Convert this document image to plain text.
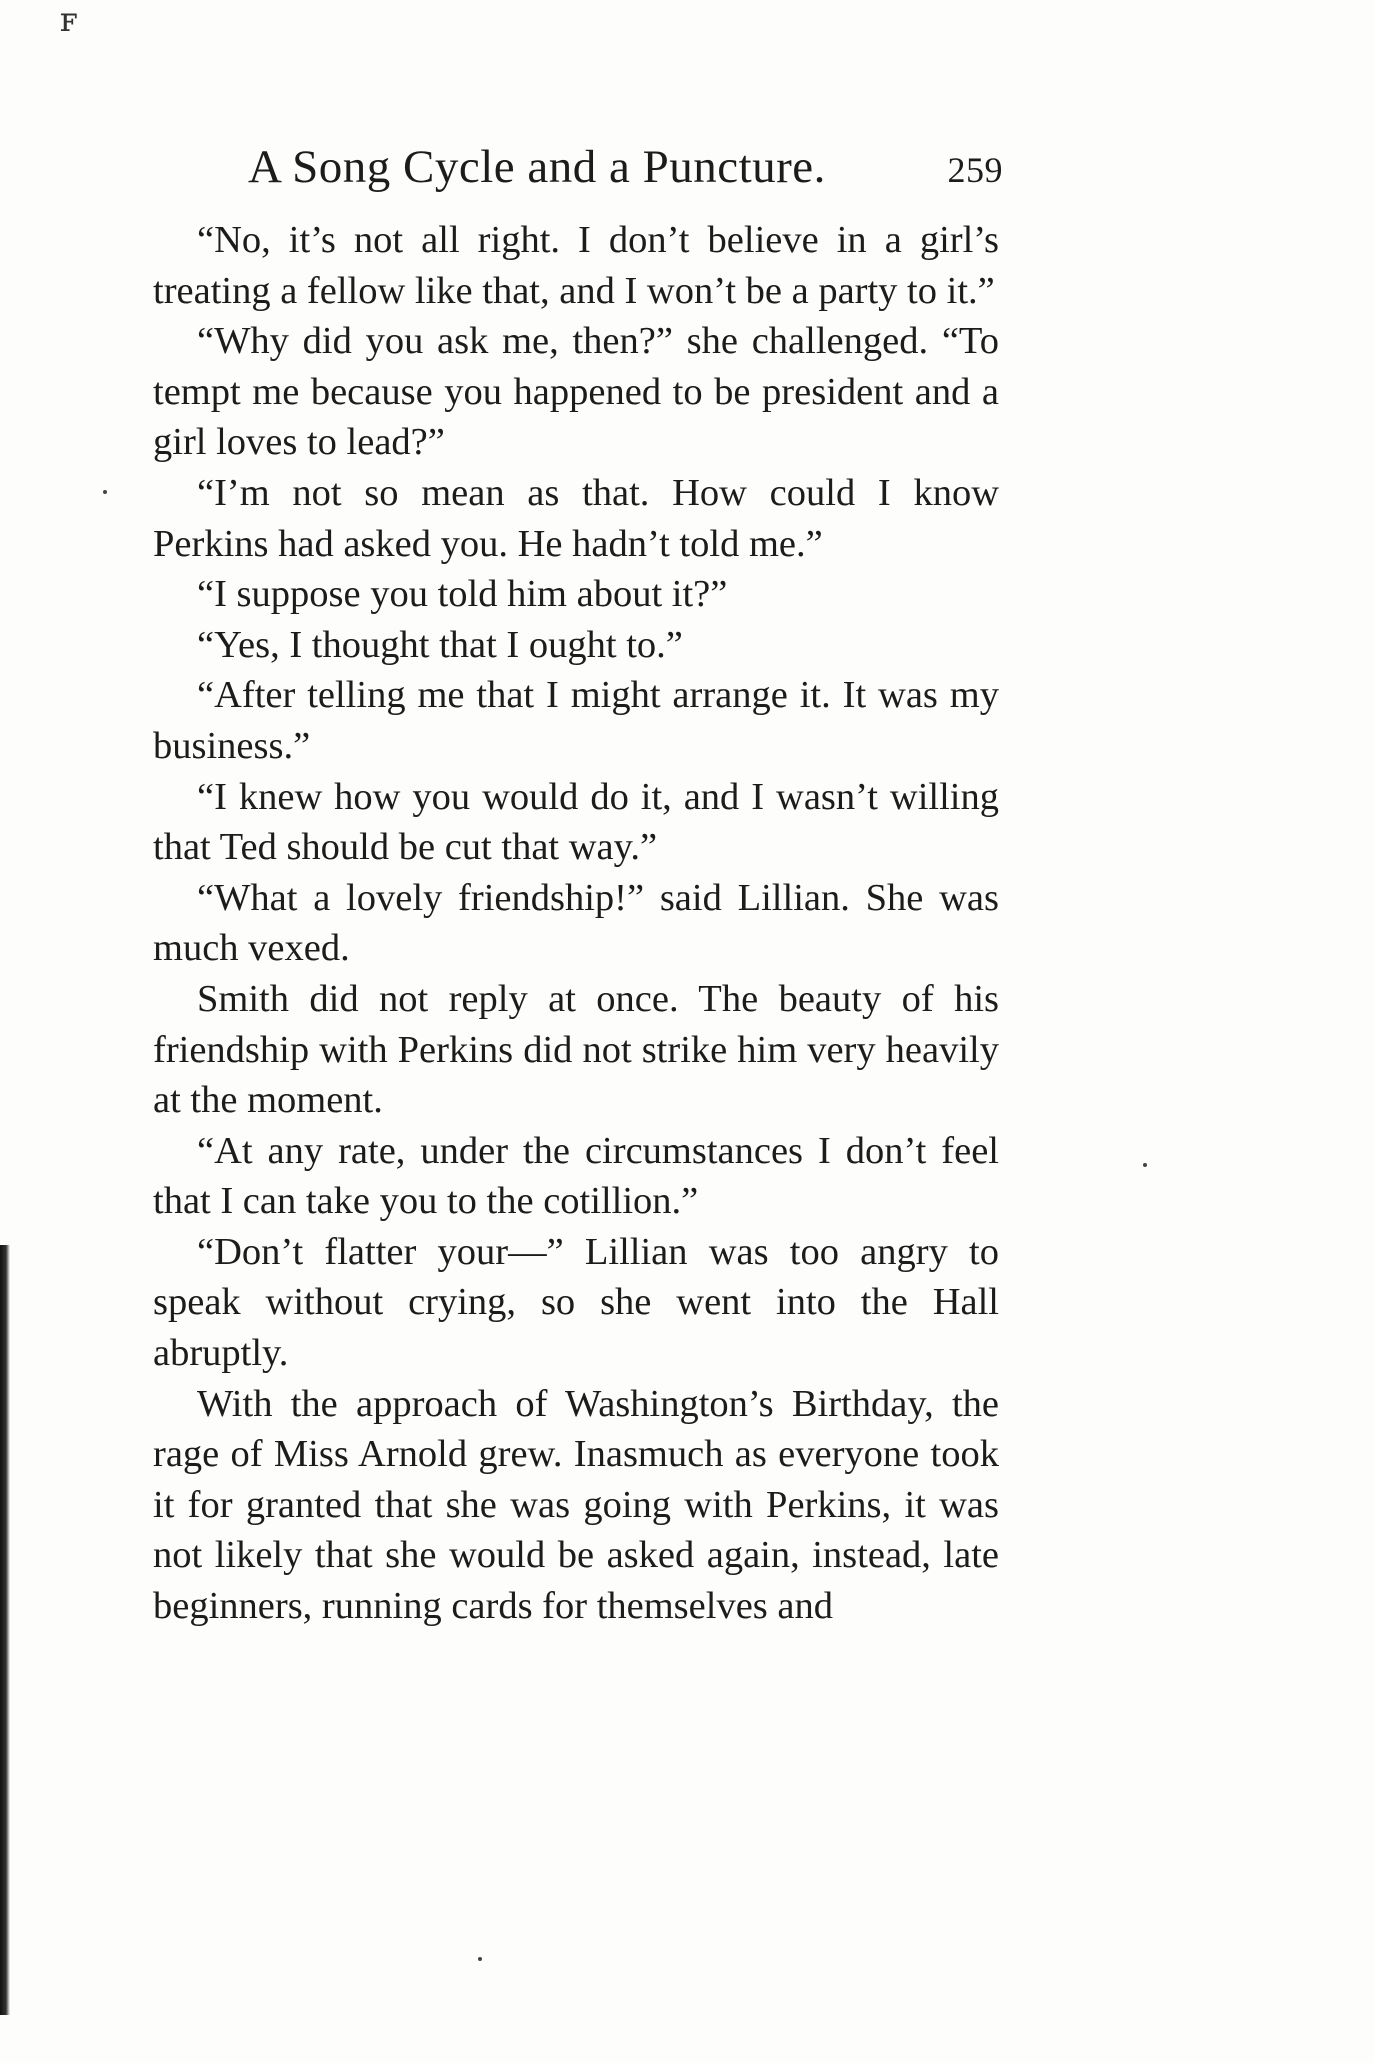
ꜰ
A Song Cycle and a Puncture.	259

“No, it’s not all right. I don’t believe in a girl’s treating a fellow like that, and I won’t be a party to it.”

“Why did you ask me, then?” she challenged. “To tempt me because you happened to be president and a girl loves to lead?”

“I’m not so mean as that. How could I know Perkins had asked you. He hadn’t told me.”

“I suppose you told him about it?”

“Yes, I thought that I ought to.”

“After telling me that I might arrange it. It was my business.”

“I knew how you would do it, and I wasn’t willing that Ted should be cut that way.”

“What a lovely friendship!” said Lillian. She was much vexed.

Smith did not reply at once. The beauty of his friendship with Perkins did not strike him very heavily at the moment.

“At any rate, under the circumstances I don’t feel that I can take you to the cotillion.”

“Don’t flatter your—” Lillian was too angry to speak without crying, so she went into the Hall abruptly.

With the approach of Washington’s Birthday, the rage of Miss Arnold grew. Inasmuch as everyone took it for granted that she was going with Perkins, it was not likely that she would be asked again, instead, late beginners, running cards for themselves and
